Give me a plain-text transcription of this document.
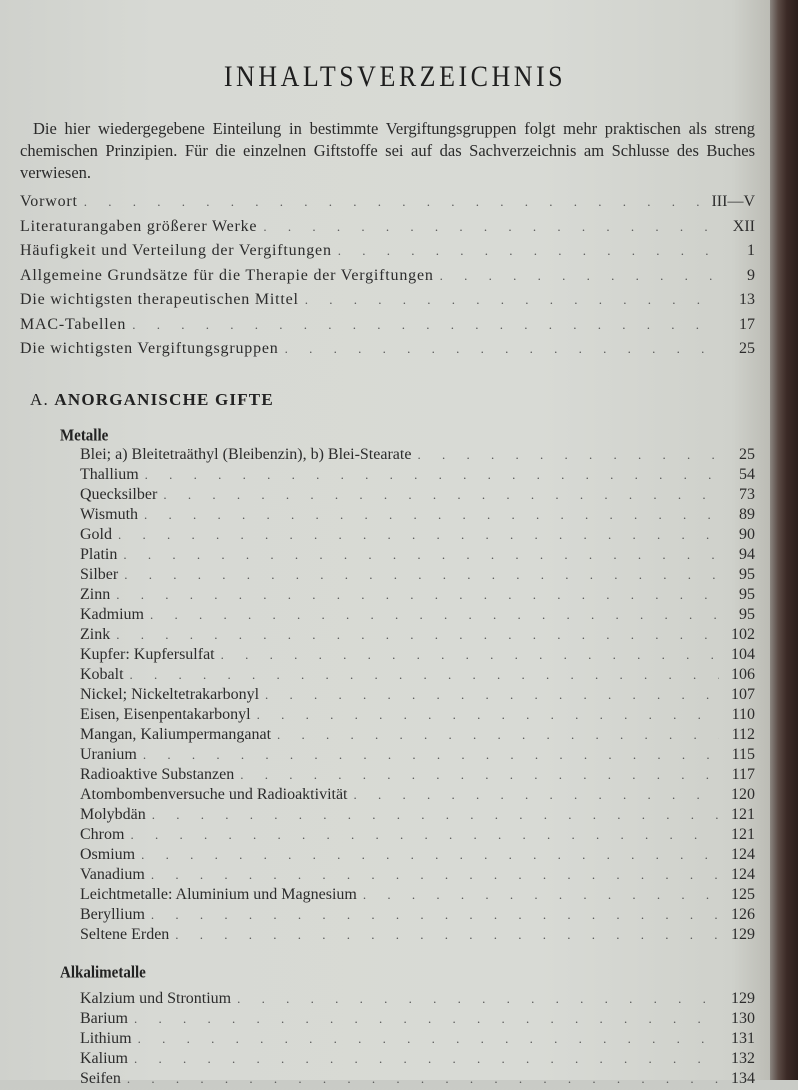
INHALTSVERZEICHNIS

Die hier wiedergegebene Einteilung in bestimmte Vergiftungsgruppen folgt mehr praktischen als streng chemischen Prinzipien. Für die einzelnen Giftstoffe sei auf das Sachverzeichnis am Schlusse des Buches verwiesen.

Vorwort . . .	III—V
Literaturangaben größerer Werke . . .	XII
Häufigkeit und Verteilung der Vergiftungen . . .	1
Allgemeine Grundsätze für die Therapie der Vergiftungen . . .	9
Die wichtigsten therapeutischen Mittel . . .	13
MAC-Tabellen . . .	17
Die wichtigsten Vergiftungsgruppen . . .	25
A. ANORGANISCHE GIFTE
Metalle
Blei; a) Bleitetraäthyl (Bleibenzin), b) Blei-Stearate . . .	25
Thallium . . .	54
Quecksilber . . .	73
Wismuth . . .	89
Gold . . .	90
Platin . . .	94
Silber . . .	95
Zinn . . .	95
Kadmium . . .	95
Zink . . .	102
Kupfer: Kupfersulfat . . .	104
Kobalt . . .	106
Nickel; Nickeltetrakarbonyl . . .	107
Eisen, Eisenpentakarbonyl . . .	110
Mangan, Kaliumpermanganat . . .	112
Uranium . . .	115
Radioaktive Substanzen . . .	117
Atombombenversuche und Radioaktivität . . .	120
Molybdän . . .	121
Chrom . . .	121
Osmium . . .	124
Vanadium . . .	124
Leichtmetalle: Aluminium und Magnesium . . .	125
Beryllium . . .	126
Seltene Erden . . .	129
Alkalimetalle
Kalzium und Strontium . . .	129
Barium . . .	130
Lithium . . .	131
Kalium . . .	132
Seifen . . .	134
